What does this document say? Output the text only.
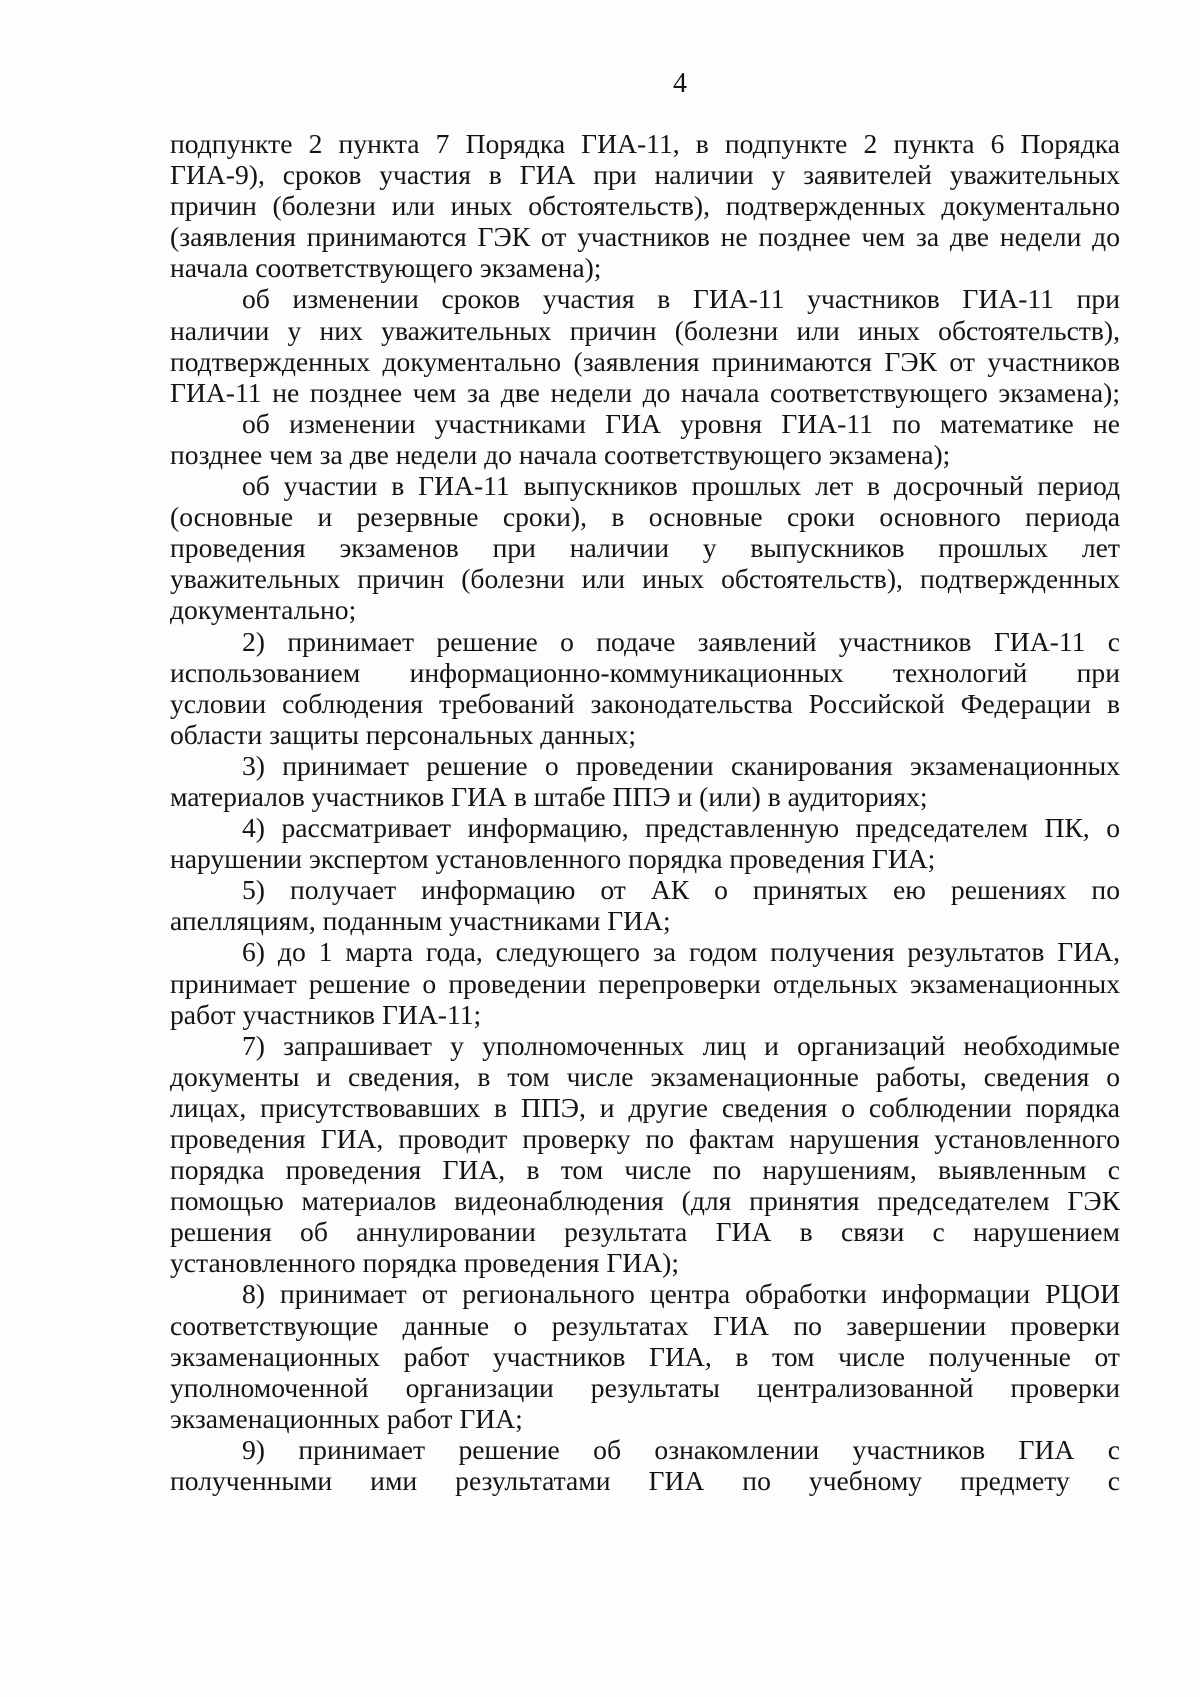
4
подпункте 2 пункта 7 Порядка ГИА-11, в подпункте 2 пункта 6 Порядка
ГИА-9), сроков участия в ГИА при наличии у заявителей уважительных
причин (болезни или иных обстоятельств), подтвержденных документально
(заявления принимаются ГЭК от участников не позднее чем за две недели до
начала соответствующего экзамена);
об изменении сроков участия в ГИА-11 участников ГИА-11 при
наличии у них уважительных причин (болезни или иных обстоятельств),
подтвержденных документально (заявления принимаются ГЭК от участников
ГИА-11 не позднее чем за две недели до начала соответствующего экзамена);
об изменении участниками ГИА уровня ГИА-11 по математике не
позднее чем за две недели до начала соответствующего экзамена);
об участии в ГИА-11 выпускников прошлых лет в досрочный период
(основные и резервные сроки), в основные сроки основного периода
проведения экзаменов при наличии у выпускников прошлых лет
уважительных причин (болезни или иных обстоятельств), подтвержденных
документально;
2) принимает решение о подаче заявлений участников ГИА-11 с
использованием информационно-коммуникационных технологий при
условии соблюдения требований законодательства Российской Федерации в
области защиты персональных данных;
3) принимает решение о проведении сканирования экзаменационных
материалов участников ГИА в штабе ППЭ и (или) в аудиториях;
4) рассматривает информацию, представленную председателем ПК, о
нарушении экспертом установленного порядка проведения ГИА;
5) получает информацию от АК о принятых ею решениях по
апелляциям, поданным участниками ГИА;
6) до 1 марта года, следующего за годом получения результатов ГИА,
принимает решение о проведении перепроверки отдельных экзаменационных
работ участников ГИА-11;
7) запрашивает у уполномоченных лиц и организаций необходимые
документы и сведения, в том числе экзаменационные работы, сведения о
лицах, присутствовавших в ППЭ, и другие сведения о соблюдении порядка
проведения ГИА, проводит проверку по фактам нарушения установленного
порядка проведения ГИА, в том числе по нарушениям, выявленным с
помощью материалов видеонаблюдения (для принятия председателем ГЭК
решения об аннулировании результата ГИА в связи с нарушением
установленного порядка проведения ГИА);
8) принимает от регионального центра обработки информации РЦОИ
соответствующие данные о результатах ГИА по завершении проверки
экзаменационных работ участников ГИА, в том числе полученные от
уполномоченной организации результаты централизованной проверки
экзаменационных работ ГИА;
9) принимает решение об ознакомлении участников ГИА с
полученными ими результатами ГИА по учебному предмету с
